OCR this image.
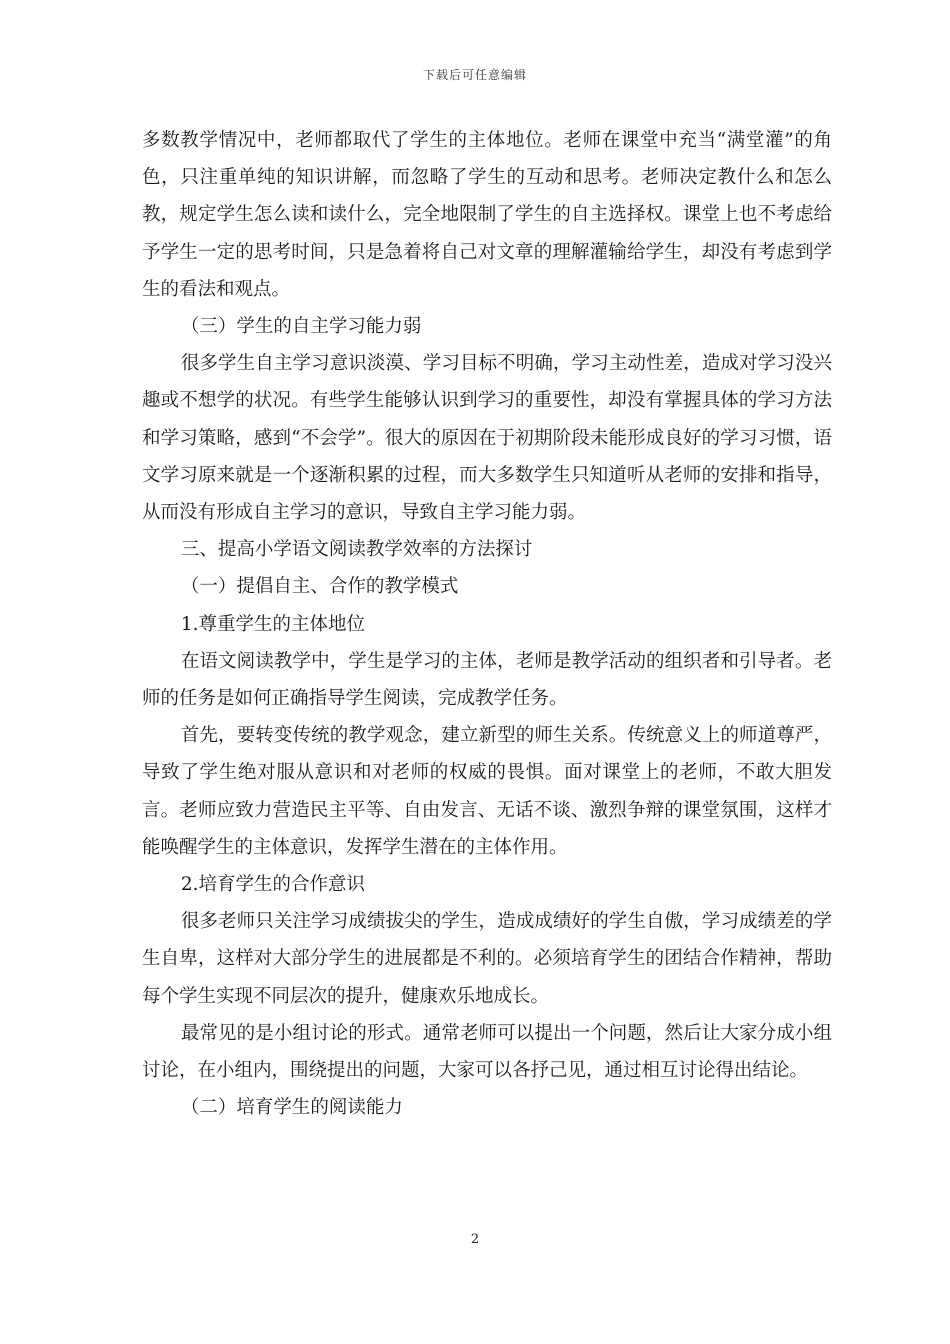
下载后可任意编辑

多数教学情况中，老师都取代了学生的主体地位。老师在课堂中充当“满堂灌”的角色，只注重单纯的知识讲解，而忽略了学生的互动和思考。老师决定教什么和怎么教，规定学生怎么读和读什么，完全地限制了学生的自主选择权。课堂上也不考虑给予学生一定的思考时间，只是急着将自己对文章的理解灌输给学生，却没有考虑到学生的看法和观点。

（三）学生的自主学习能力弱

很多学生自主学习意识淡漠、学习目标不明确，学习主动性差，造成对学习没兴趣或不想学的状况。有些学生能够认识到学习的重要性，却没有掌握具体的学习方法和学习策略，感到“不会学”。很大的原因在于初期阶段未能形成良好的学习习惯，语文学习原来就是一个逐渐积累的过程，而大多数学生只知道听从老师的安排和指导，从而没有形成自主学习的意识，导致自主学习能力弱。

三、提高小学语文阅读教学效率的方法探讨

（一）提倡自主、合作的教学模式

1.尊重学生的主体地位

在语文阅读教学中，学生是学习的主体，老师是教学活动的组织者和引导者。老师的任务是如何正确指导学生阅读，完成教学任务。

首先，要转变传统的教学观念，建立新型的师生关系。传统意义上的师道尊严，导致了学生绝对服从意识和对老师的权威的畏惧。面对课堂上的老师，不敢大胆发言。老师应致力营造民主平等、自由发言、无话不谈、激烈争辩的课堂氛围，这样才能唤醒学生的主体意识，发挥学生潜在的主体作用。

2.培育学生的合作意识

很多老师只关注学习成绩拔尖的学生，造成成绩好的学生自傲，学习成绩差的学生自卑，这样对大部分学生的进展都是不利的。必须培育学生的团结合作精神，帮助每个学生实现不同层次的提升，健康欢乐地成长。

最常见的是小组讨论的形式。通常老师可以提出一个问题，然后让大家分成小组讨论，在小组内，围绕提出的问题，大家可以各抒己见，通过相互讨论得出结论。

（二）培育学生的阅读能力

2
